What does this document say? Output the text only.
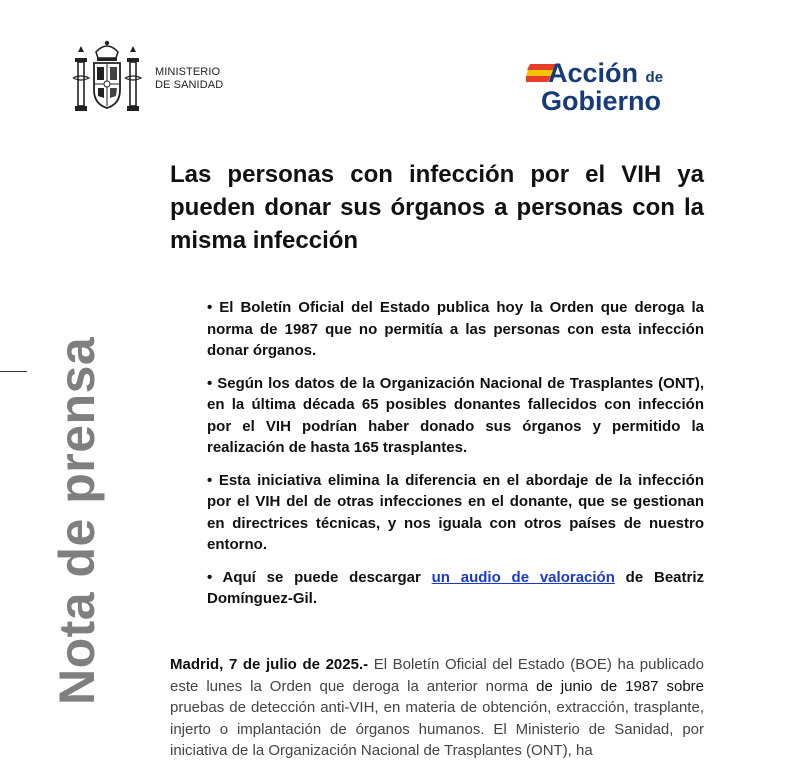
MINISTERIO
DE SANIDAD	Acción de
Gobierno
Nota de prensa
Las personas con infección por el VIH ya pueden donar sus órganos a personas con la misma infección

• El Boletín Oficial del Estado publica hoy la Orden que deroga la norma de 1987 que no permitía a las personas con esta infección donar órganos.

• Según los datos de la Organización Nacional de Trasplantes (ONT), en la última década 65 posibles donantes fallecidos con infección por el VIH podrían haber donado sus órganos y permitido la realización de hasta 165 trasplantes.

• Esta iniciativa elimina la diferencia en el abordaje de la infección por el VIH del de otras infecciones en el donante, que se gestionan en directrices técnicas, y nos iguala con otros países de nuestro entorno.

• Aquí se puede descargar un audio de valoración de Beatriz Domínguez-Gil.

Madrid, 7 de julio de 2025.- El Boletín Oficial del Estado (BOE) ha publicado este lunes la Orden que deroga la anterior norma de junio de 1987 sobre pruebas de detección anti-VIH, en materia de obtención, extracción, trasplante, injerto o implantación de órganos humanos. El Ministerio de Sanidad, por iniciativa de la Organización Nacional de Trasplantes (ONT), ha
